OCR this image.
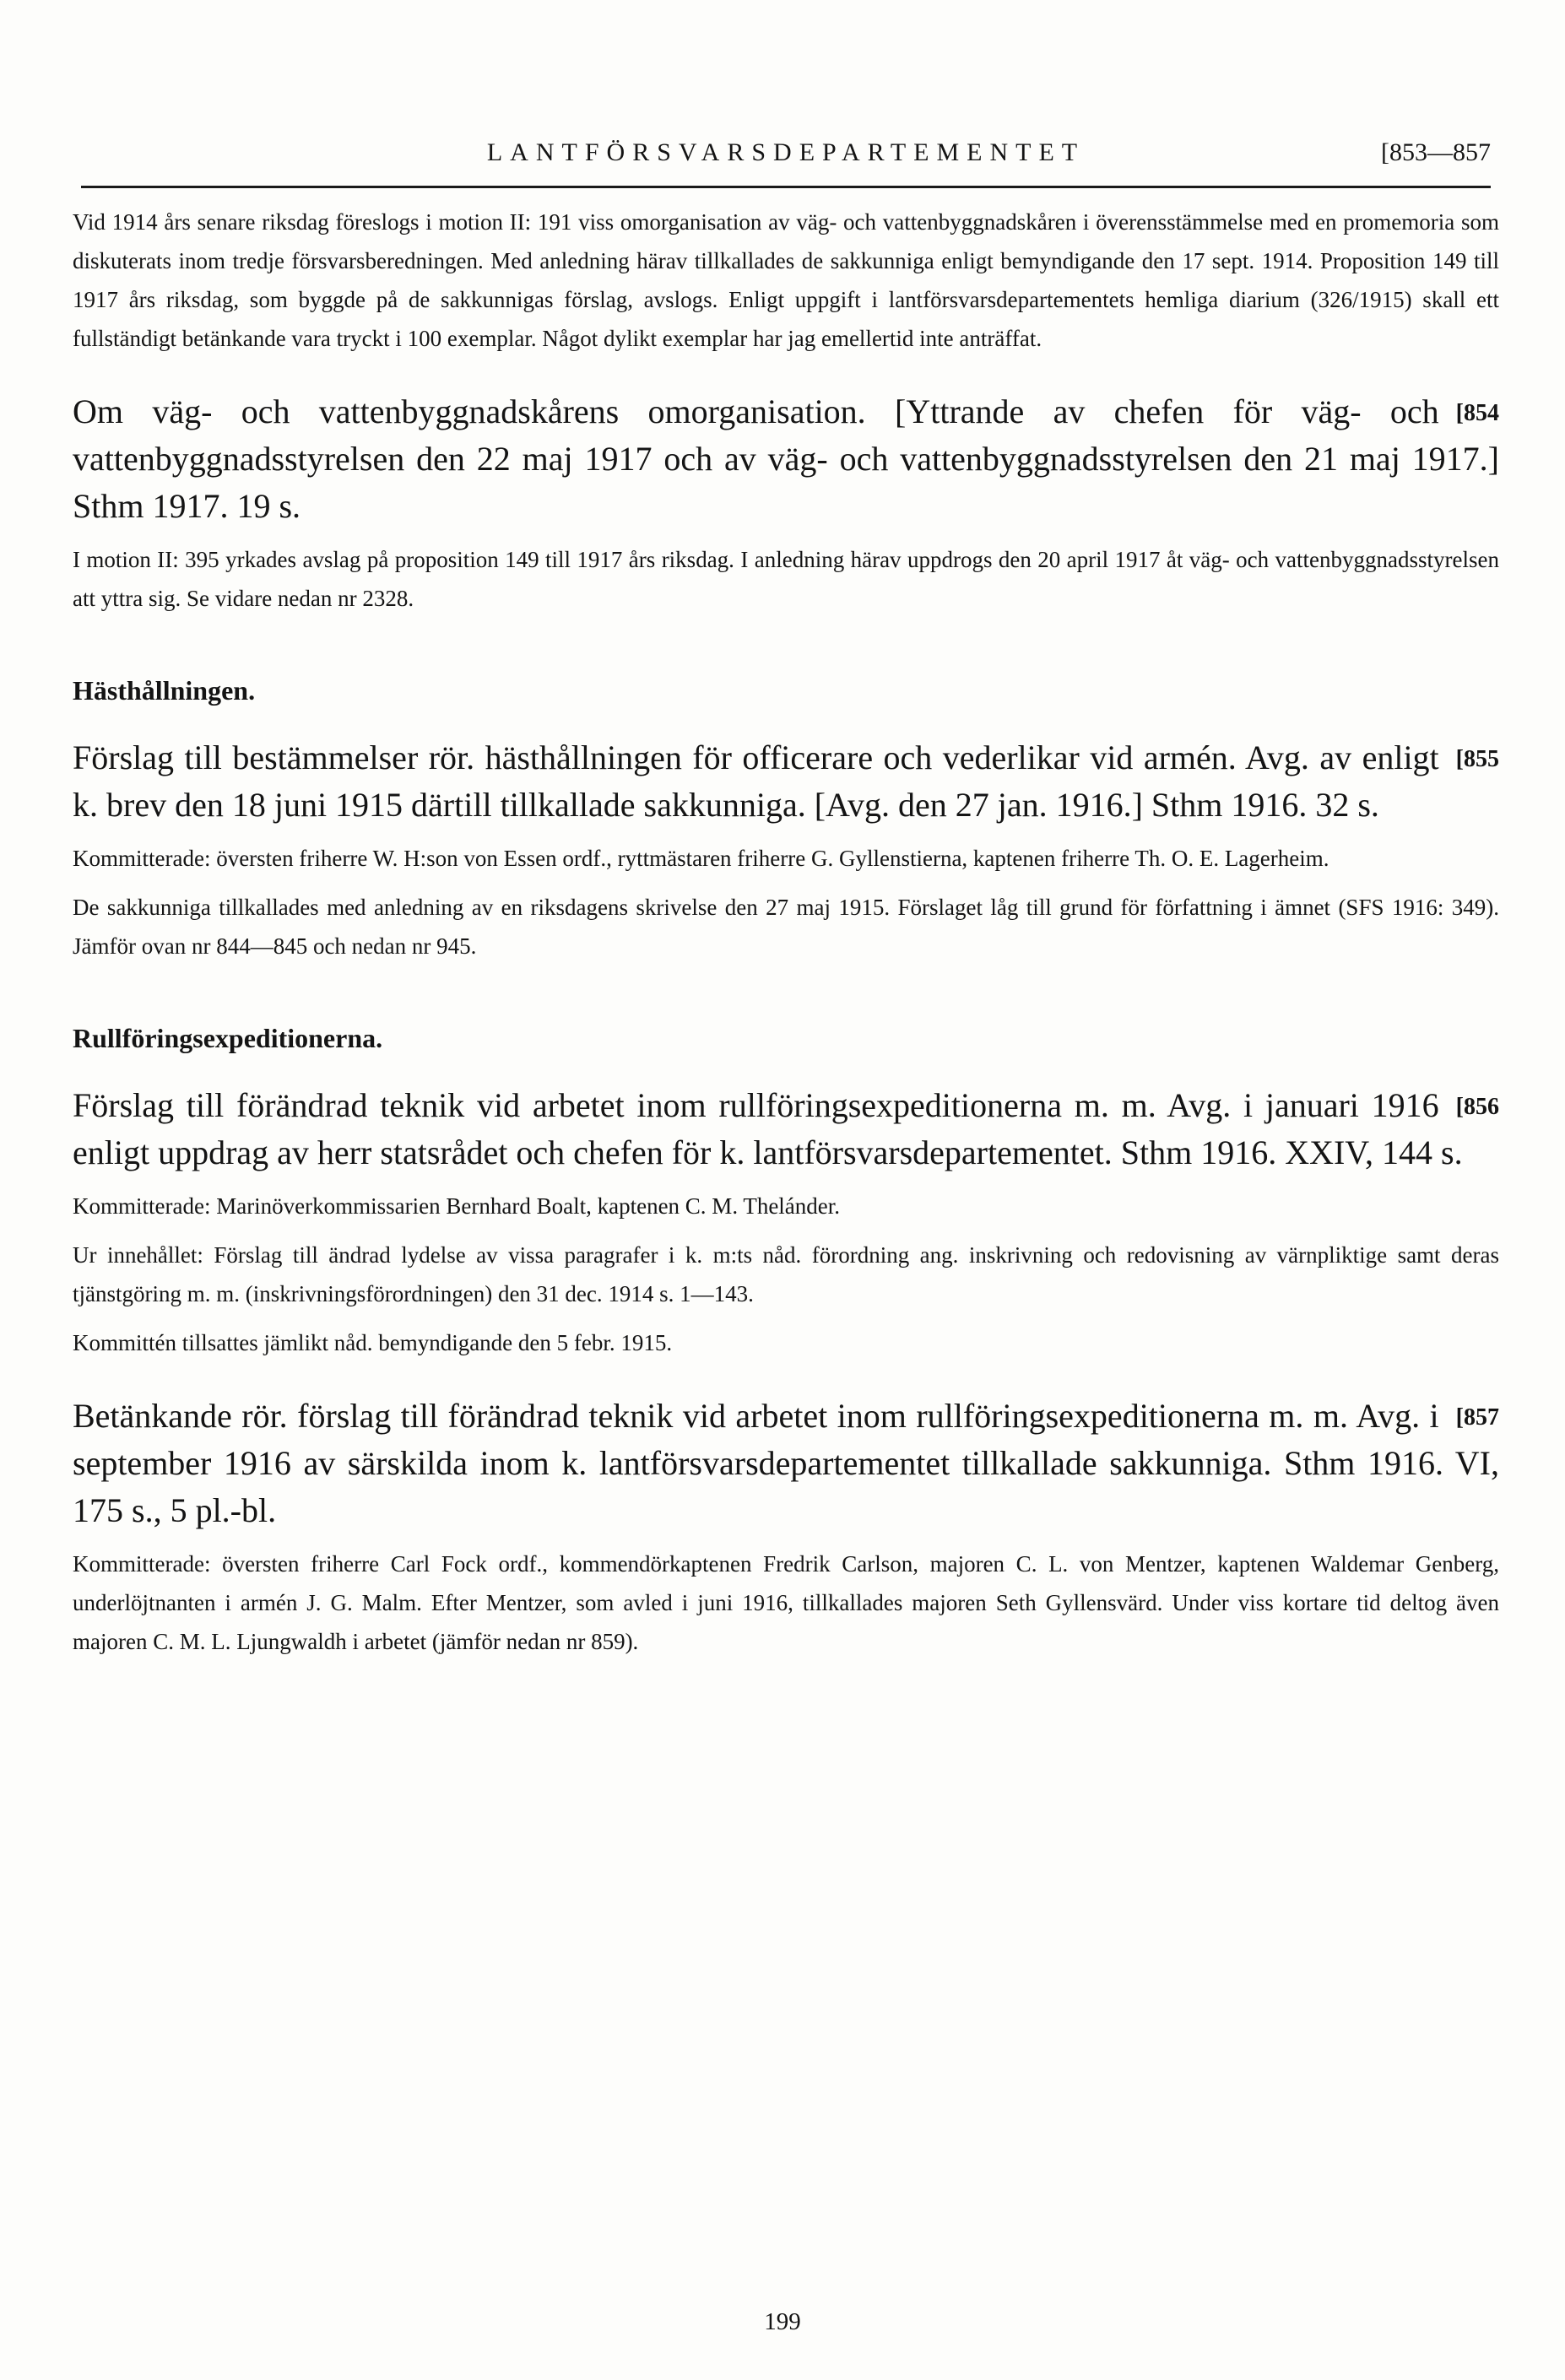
LANTFÖRSVARSDEPARTEMENTET	[853—857

Vid 1914 års senare riksdag föreslogs i motion II: 191 viss omorganisation av väg- och vattenbyggnadskåren i överensstämmelse med en promemoria som diskuterats inom tredje försvarsberedningen. Med anledning härav tillkallades de sakkunniga enligt bemyndigande den 17 sept. 1914. Proposition 149 till 1917 års riksdag, som byggde på de sakkunnigas förslag, avslogs. Enligt uppgift i lantförsvarsdepartementets hemliga diarium (326/1915) skall ett fullständigt betänkande vara tryckt i 100 exemplar. Något dylikt exemplar har jag emellertid inte anträffat.

[854
Om väg- och vattenbyggnadskårens omorganisation. [Yttrande av chefen för väg- och vattenbyggnadsstyrelsen den 22 maj 1917 och av väg- och vattenbyggnadsstyrelsen den 21 maj 1917.] Sthm 1917. 19 s.

I motion II: 395 yrkades avslag på proposition 149 till 1917 års riksdag. I anledning härav uppdrogs den 20 april 1917 åt väg- och vattenbyggnadsstyrelsen att yttra sig. Se vidare nedan nr 2328.

Hästhållningen.

[855
Förslag till bestämmelser rör. hästhållningen för officerare och vederlikar vid armén. Avg. av enligt k. brev den 18 juni 1915 därtill tillkallade sakkunniga. [Avg. den 27 jan. 1916.] Sthm 1916. 32 s.

Kommitterade: översten friherre W. H:son von Essen ordf., ryttmästaren friherre G. Gyllenstierna, kaptenen friherre Th. O. E. Lagerheim.

De sakkunniga tillkallades med anledning av en riksdagens skrivelse den 27 maj 1915. Förslaget låg till grund för författning i ämnet (SFS 1916: 349). Jämför ovan nr 844—845 och nedan nr 945.

Rullföringsexpeditionerna.

[856
Förslag till förändrad teknik vid arbetet inom rullföringsexpeditionerna m. m. Avg. i januari 1916 enligt uppdrag av herr statsrådet och chefen för k. lantförsvarsdepartementet. Sthm 1916. XXIV, 144 s.

Kommitterade: Marinöverkommissarien Bernhard Boalt, kaptenen C. M. Thelánder.

Ur innehållet: Förslag till ändrad lydelse av vissa paragrafer i k. m:ts nåd. förordning ang. inskrivning och redovisning av värnpliktige samt deras tjänstgöring m. m. (inskrivningsförordningen) den 31 dec. 1914 s. 1—143.

Kommittén tillsattes jämlikt nåd. bemyndigande den 5 febr. 1915.

[857
Betänkande rör. förslag till förändrad teknik vid arbetet inom rullföringsexpeditionerna m. m. Avg. i september 1916 av särskilda inom k. lantförsvarsdepartementet tillkallade sakkunniga. Sthm 1916. VI, 175 s., 5 pl.-bl.

Kommitterade: översten friherre Carl Fock ordf., kommendörkaptenen Fredrik Carlson, majoren C. L. von Mentzer, kaptenen Waldemar Genberg, underlöjtnanten i armén J. G. Malm. Efter Mentzer, som avled i juni 1916, tillkallades majoren Seth Gyllensvärd. Under viss kortare tid deltog även majoren C. M. L. Ljungwaldh i arbetet (jämför nedan nr 859).

199
